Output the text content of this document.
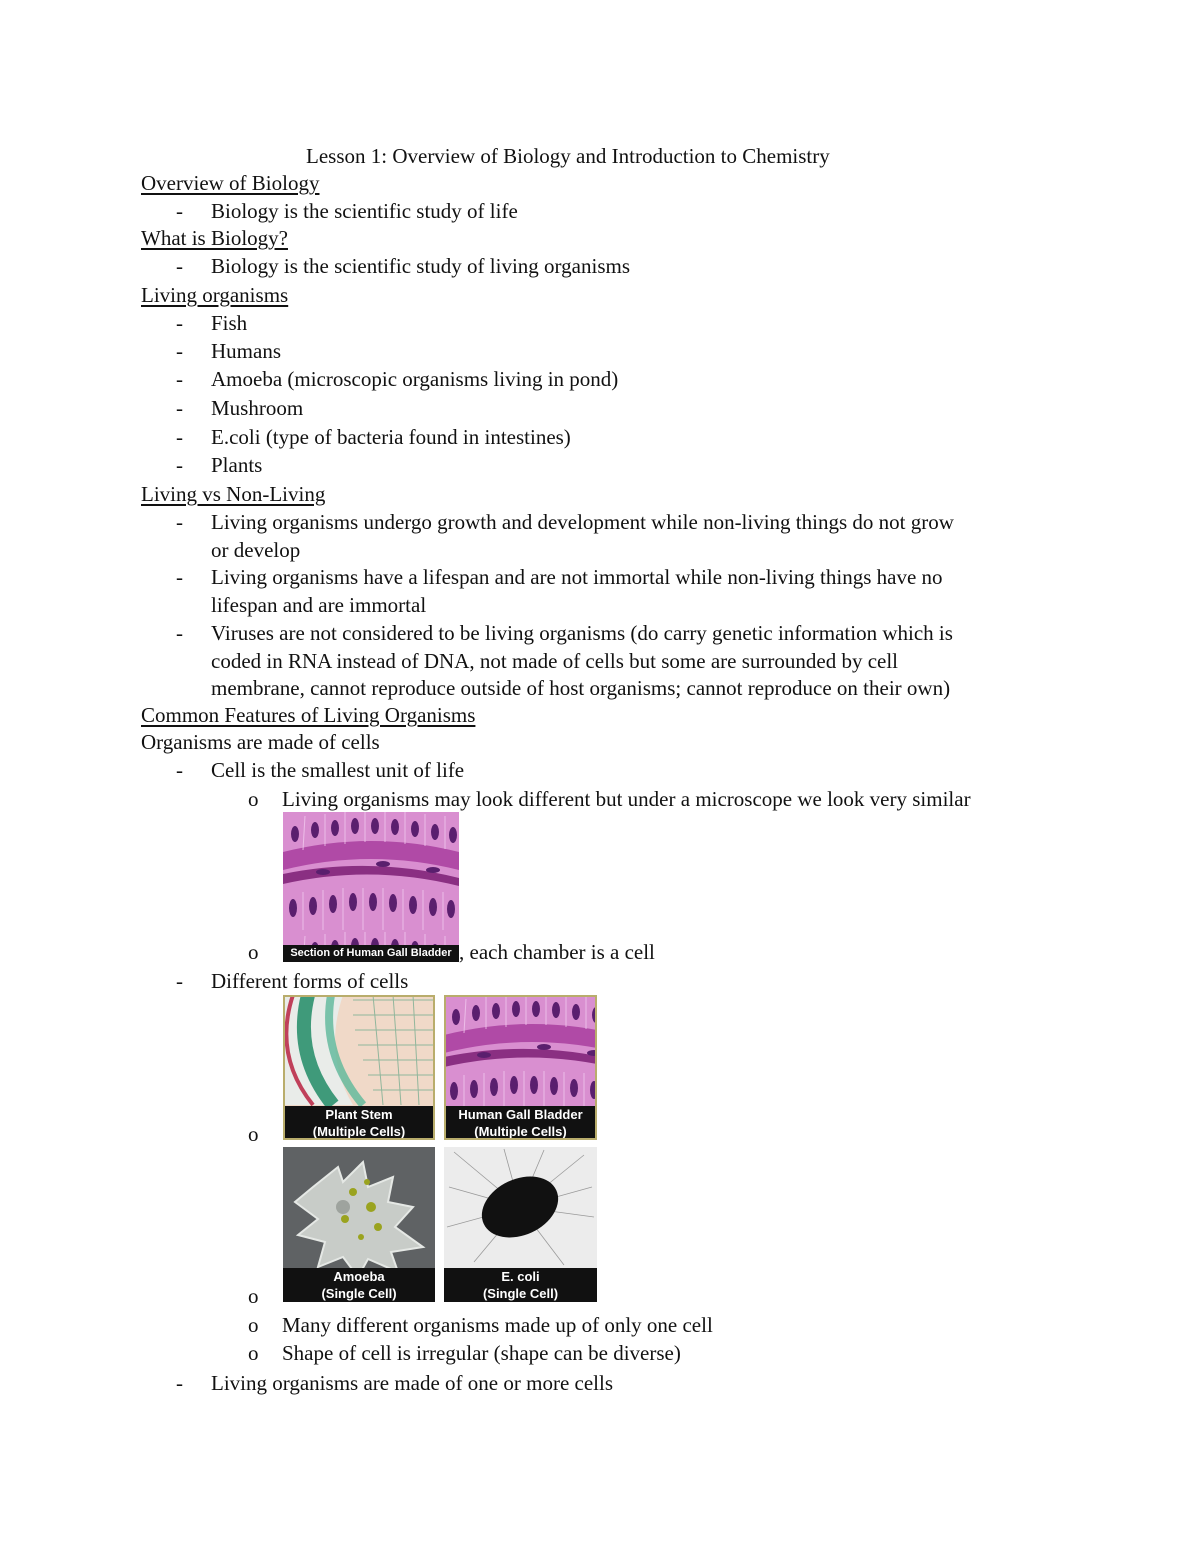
Lesson 1: Overview of Biology and Introduction to Chemistry
Overview of Biology
- Biology is the scientific study of life
What is Biology?
- Biology is the scientific study of living organisms
Living organisms
- Fish
- Humans
- Amoeba (microscopic organisms living in pond)
- Mushroom
- E.coli (type of bacteria found in intestines)
- Plants
Living vs Non-Living
- Living organisms undergo growth and development while non-living things do not grow
or develop
- Living organisms have a lifespan and are not immortal while non-living things have no
lifespan and are immortal
- Viruses are not considered to be living organisms (do carry genetic information which is
coded in RNA instead of DNA, not made of cells but some are surrounded by cell
membrane, cannot reproduce outside of host organisms; cannot reproduce on their own)
Common Features of Living Organisms
Organisms are made of cells
- Cell is the smallest unit of life
o Living organisms may look different but under a microscope we look very similar
Section of Human Gall Bladder
o	, each chamber is a cell
- Different forms of cells
o
Plant Stem
(Multiple Cells)
Human Gall Bladder
(Multiple Cells)
o
Amoeba
(Single Cell)
E. coli
(Single Cell)
o Many different organisms made up of only one cell
o Shape of cell is irregular (shape can be diverse)
- Living organisms are made of one or more cells
